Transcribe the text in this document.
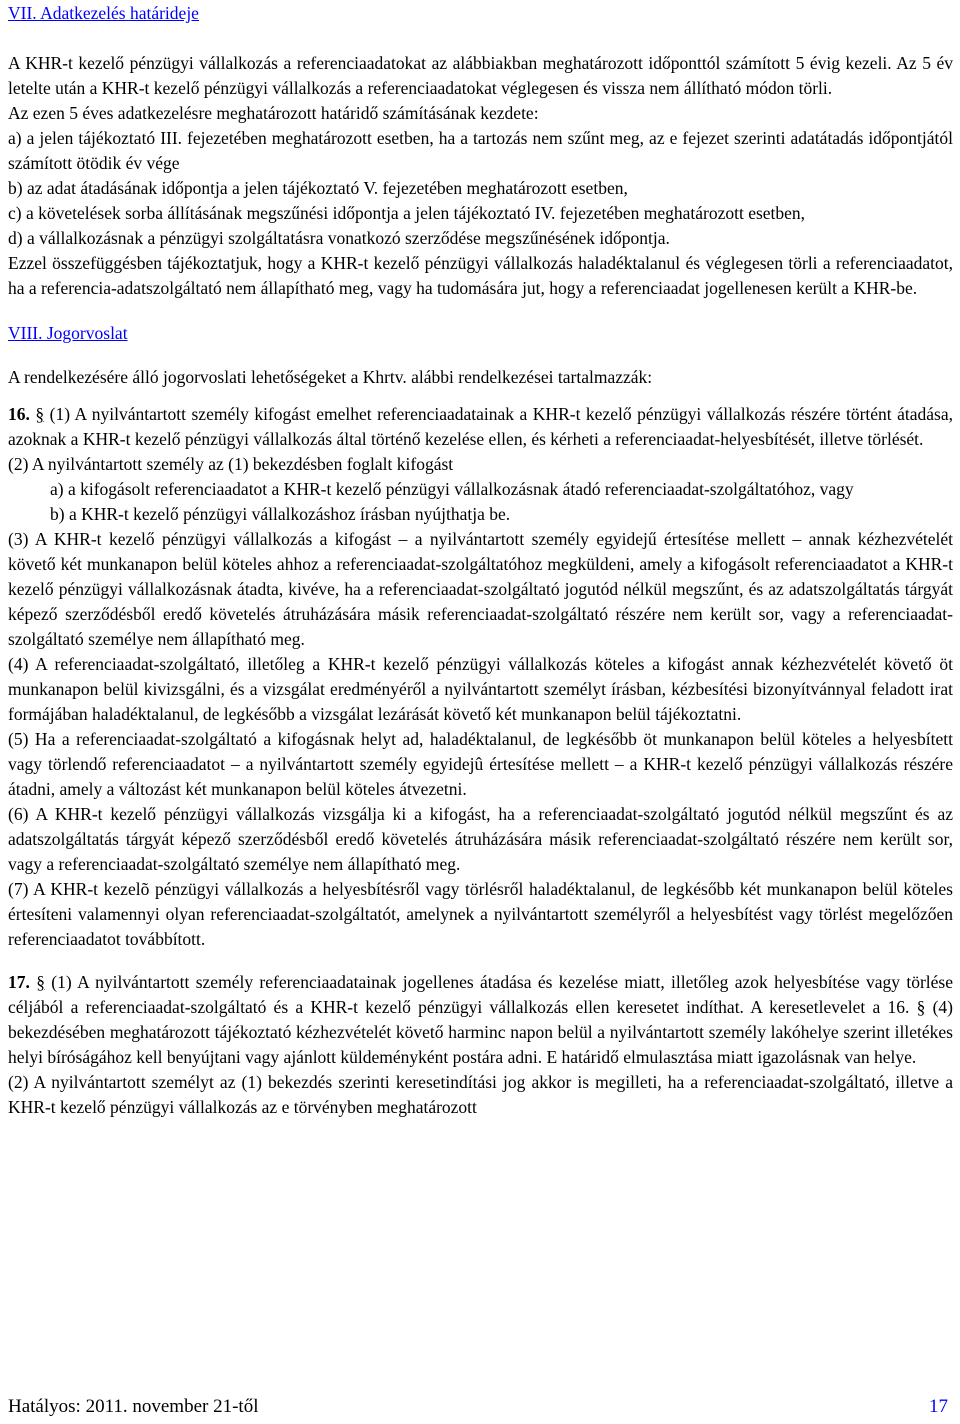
VII. Adatkezelés határideje

A KHR-t kezelő pénzügyi vállalkozás a referenciaadatokat az alábbiakban meghatározott időponttól számított 5 évig kezeli. Az 5 év letelte után a KHR-t kezelő pénzügyi vállalkozás a referenciaadatokat véglegesen és vissza nem állítható módon törli.

Az ezen 5 éves adatkezelésre meghatározott határidő számításának kezdete:

a) a jelen tájékoztató III. fejezetében meghatározott esetben, ha a tartozás nem szűnt meg, az e fejezet szerinti adatátadás időpontjától számított ötödik év vége

b) az adat átadásának időpontja a jelen tájékoztató V. fejezetében meghatározott esetben,

c) a követelések sorba állításának megszűnési időpontja a jelen tájékoztató IV. fejezetében meghatározott esetben,

d) a vállalkozásnak a pénzügyi szolgáltatásra vonatkozó szerződése megszűnésének időpontja.

Ezzel összefüggésben tájékoztatjuk, hogy a KHR-t kezelő pénzügyi vállalkozás haladéktalanul és véglegesen törli a referenciaadatot, ha a referencia-adatszolgáltató nem állapítható meg, vagy ha tudomására jut, hogy a referenciaadat jogellenesen került a KHR-be.

VIII. Jogorvoslat

A rendelkezésére álló jogorvoslati lehetőségeket a Khrtv. alábbi rendelkezései tartalmazzák:

16. § (1) A nyilvántartott személy kifogást emelhet referenciaadatainak a KHR-t kezelő pénzügyi vállalkozás részére történt átadása, azoknak a KHR-t kezelő pénzügyi vállalkozás által történő kezelése ellen, és kérheti a referenciaadat-helyesbítését, illetve törlését.

(2) A nyilvántartott személy az (1) bekezdésben foglalt kifogást

a) a kifogásolt referenciaadatot a KHR-t kezelő pénzügyi vállalkozásnak átadó referenciaadat-szolgáltatóhoz, vagy

b) a KHR-t kezelő pénzügyi vállalkozáshoz írásban nyújthatja be.

(3) A KHR-t kezelő pénzügyi vállalkozás a kifogást – a nyilvántartott személy egyidejű értesítése mellett – annak kézhezvételét követő két munkanapon belül köteles ahhoz a referenciaadat-szolgáltatóhoz megküldeni, amely a kifogásolt referenciaadatot a KHR-t kezelő pénzügyi vállalkozásnak átadta, kivéve, ha a referenciaadat-szolgáltató jogutód nélkül megszűnt, és az adatszolgáltatás tárgyát képező szerződésből eredő követelés átruházására másik referenciaadat-szolgáltató részére nem került sor, vagy a referenciaadat-szolgáltató személye nem állapítható meg.

(4) A referenciaadat-szolgáltató, illetőleg a KHR-t kezelő pénzügyi vállalkozás köteles a kifogást annak kézhezvételét követő öt munkanapon belül kivizsgálni, és a vizsgálat eredményéről a nyilvántartott személyt írásban, kézbesítési bizonyítvánnyal feladott irat formájában haladéktalanul, de legkésőbb a vizsgálat lezárását követő két munkanapon belül tájékoztatni.

(5) Ha a referenciaadat-szolgáltató a kifogásnak helyt ad, haladéktalanul, de legkésőbb öt munkanapon belül köteles a helyesbített vagy törlendő referenciaadatot – a nyilvántartott személy egyidejû értesítése mellett – a KHR-t kezelő pénzügyi vállalkozás részére átadni, amely a változást két munkanapon belül köteles átvezetni.

(6) A KHR-t kezelő pénzügyi vállalkozás vizsgálja ki a kifogást, ha a referenciaadat-szolgáltató jogutód nélkül megszűnt és az adatszolgáltatás tárgyát képező szerződésből eredő követelés átruházására másik referenciaadat-szolgáltató részére nem került sor, vagy a referenciaadat-szolgáltató személye nem állapítható meg.

(7) A KHR-t kezelõ pénzügyi vállalkozás a helyesbítésről vagy törlésről haladéktalanul, de legkésőbb két munkanapon belül köteles értesíteni valamennyi olyan referenciaadat-szolgáltatót, amelynek a nyilvántartott személyről a helyesbítést vagy törlést megelőzően referenciaadatot továbbított.

17. § (1) A nyilvántartott személy referenciaadatainak jogellenes átadása és kezelése miatt, illetőleg azok helyesbítése vagy törlése céljából a referenciaadat-szolgáltató és a KHR-t kezelő pénzügyi vállalkozás ellen keresetet indíthat. A keresetlevelet a 16. § (4) bekezdésében meghatározott tájékoztató kézhezvételét követő harminc napon belül a nyilvántartott személy lakóhelye szerint illetékes helyi bíróságához kell benyújtani vagy ajánlott küldeményként postára adni. E határidő elmulasztása miatt igazolásnak van helye.

(2) A nyilvántartott személyt az (1) bekezdés szerinti keresetindítási jog akkor is megilleti, ha a referenciaadat-szolgáltató, illetve a KHR-t kezelő pénzügyi vállalkozás az e törvényben meghatározott

Hatályos: 2011. november 21-től	17
